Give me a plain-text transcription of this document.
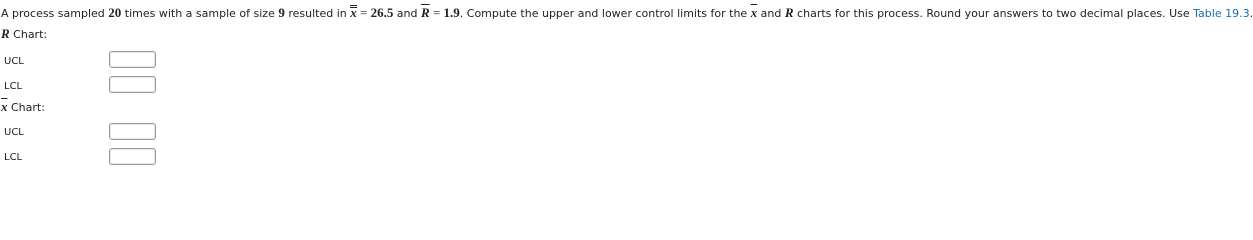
A process sampled 20 times with a sample of size 9 resulted in x = 26.5 and $\overline{R} = 1.9$. Compute the upper and lower control limits for the $\overline{x}$ and R charts for this process. Round your answers to two decimal places. Use Table 19.3.
R Chart:
UCL
LCL
$\overline{x}$ Chart:
UCL
LCL
